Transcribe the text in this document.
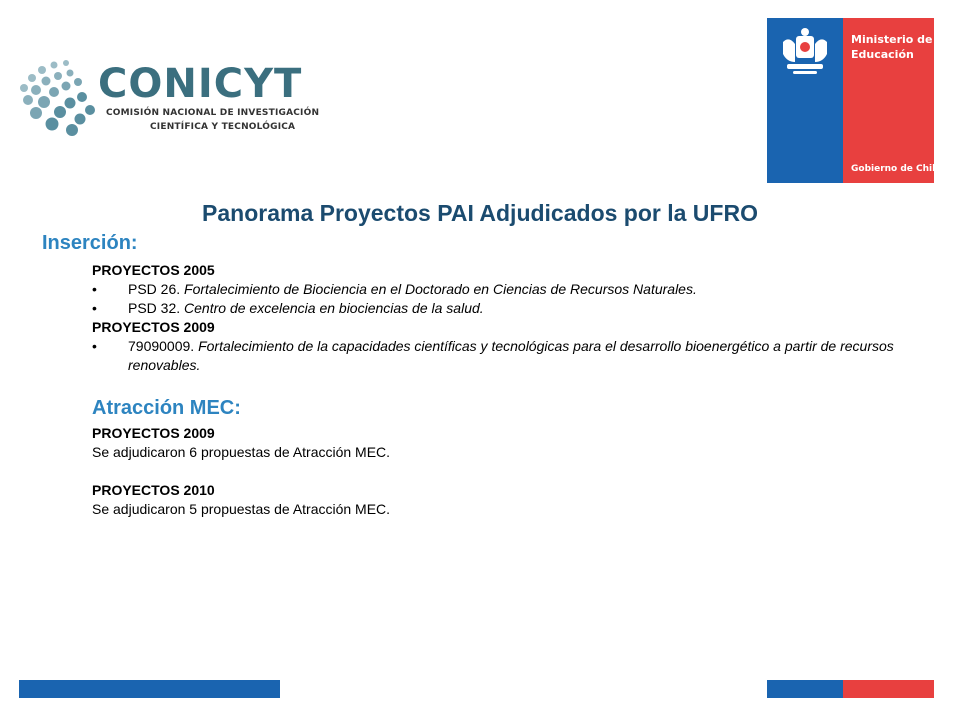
CONICYT
COMISIÓN NACIONAL DE INVESTIGACIÓN
CIENTÍFICA Y TECNOLÓGICA
Ministerio de
Educación
Gobierno de Chile
Panorama Proyectos PAI Adjudicados por la UFRO
Inserción:
PROYECTOS 2005
• PSD 26. Fortalecimiento de Biociencia en el Doctorado en Ciencias de Recursos Naturales.
• PSD 32. Centro de excelencia en biociencias de la salud.
PROYECTOS 2009
• 79090009. Fortalecimiento de la capacidades científicas y tecnológicas para el desarrollo bioenergético a partir de recursos renovables.
Atracción MEC:
PROYECTOS 2009
Se adjudicaron 6 propuestas de Atracción MEC.
PROYECTOS 2010
Se adjudicaron 5 propuestas de Atracción MEC.
